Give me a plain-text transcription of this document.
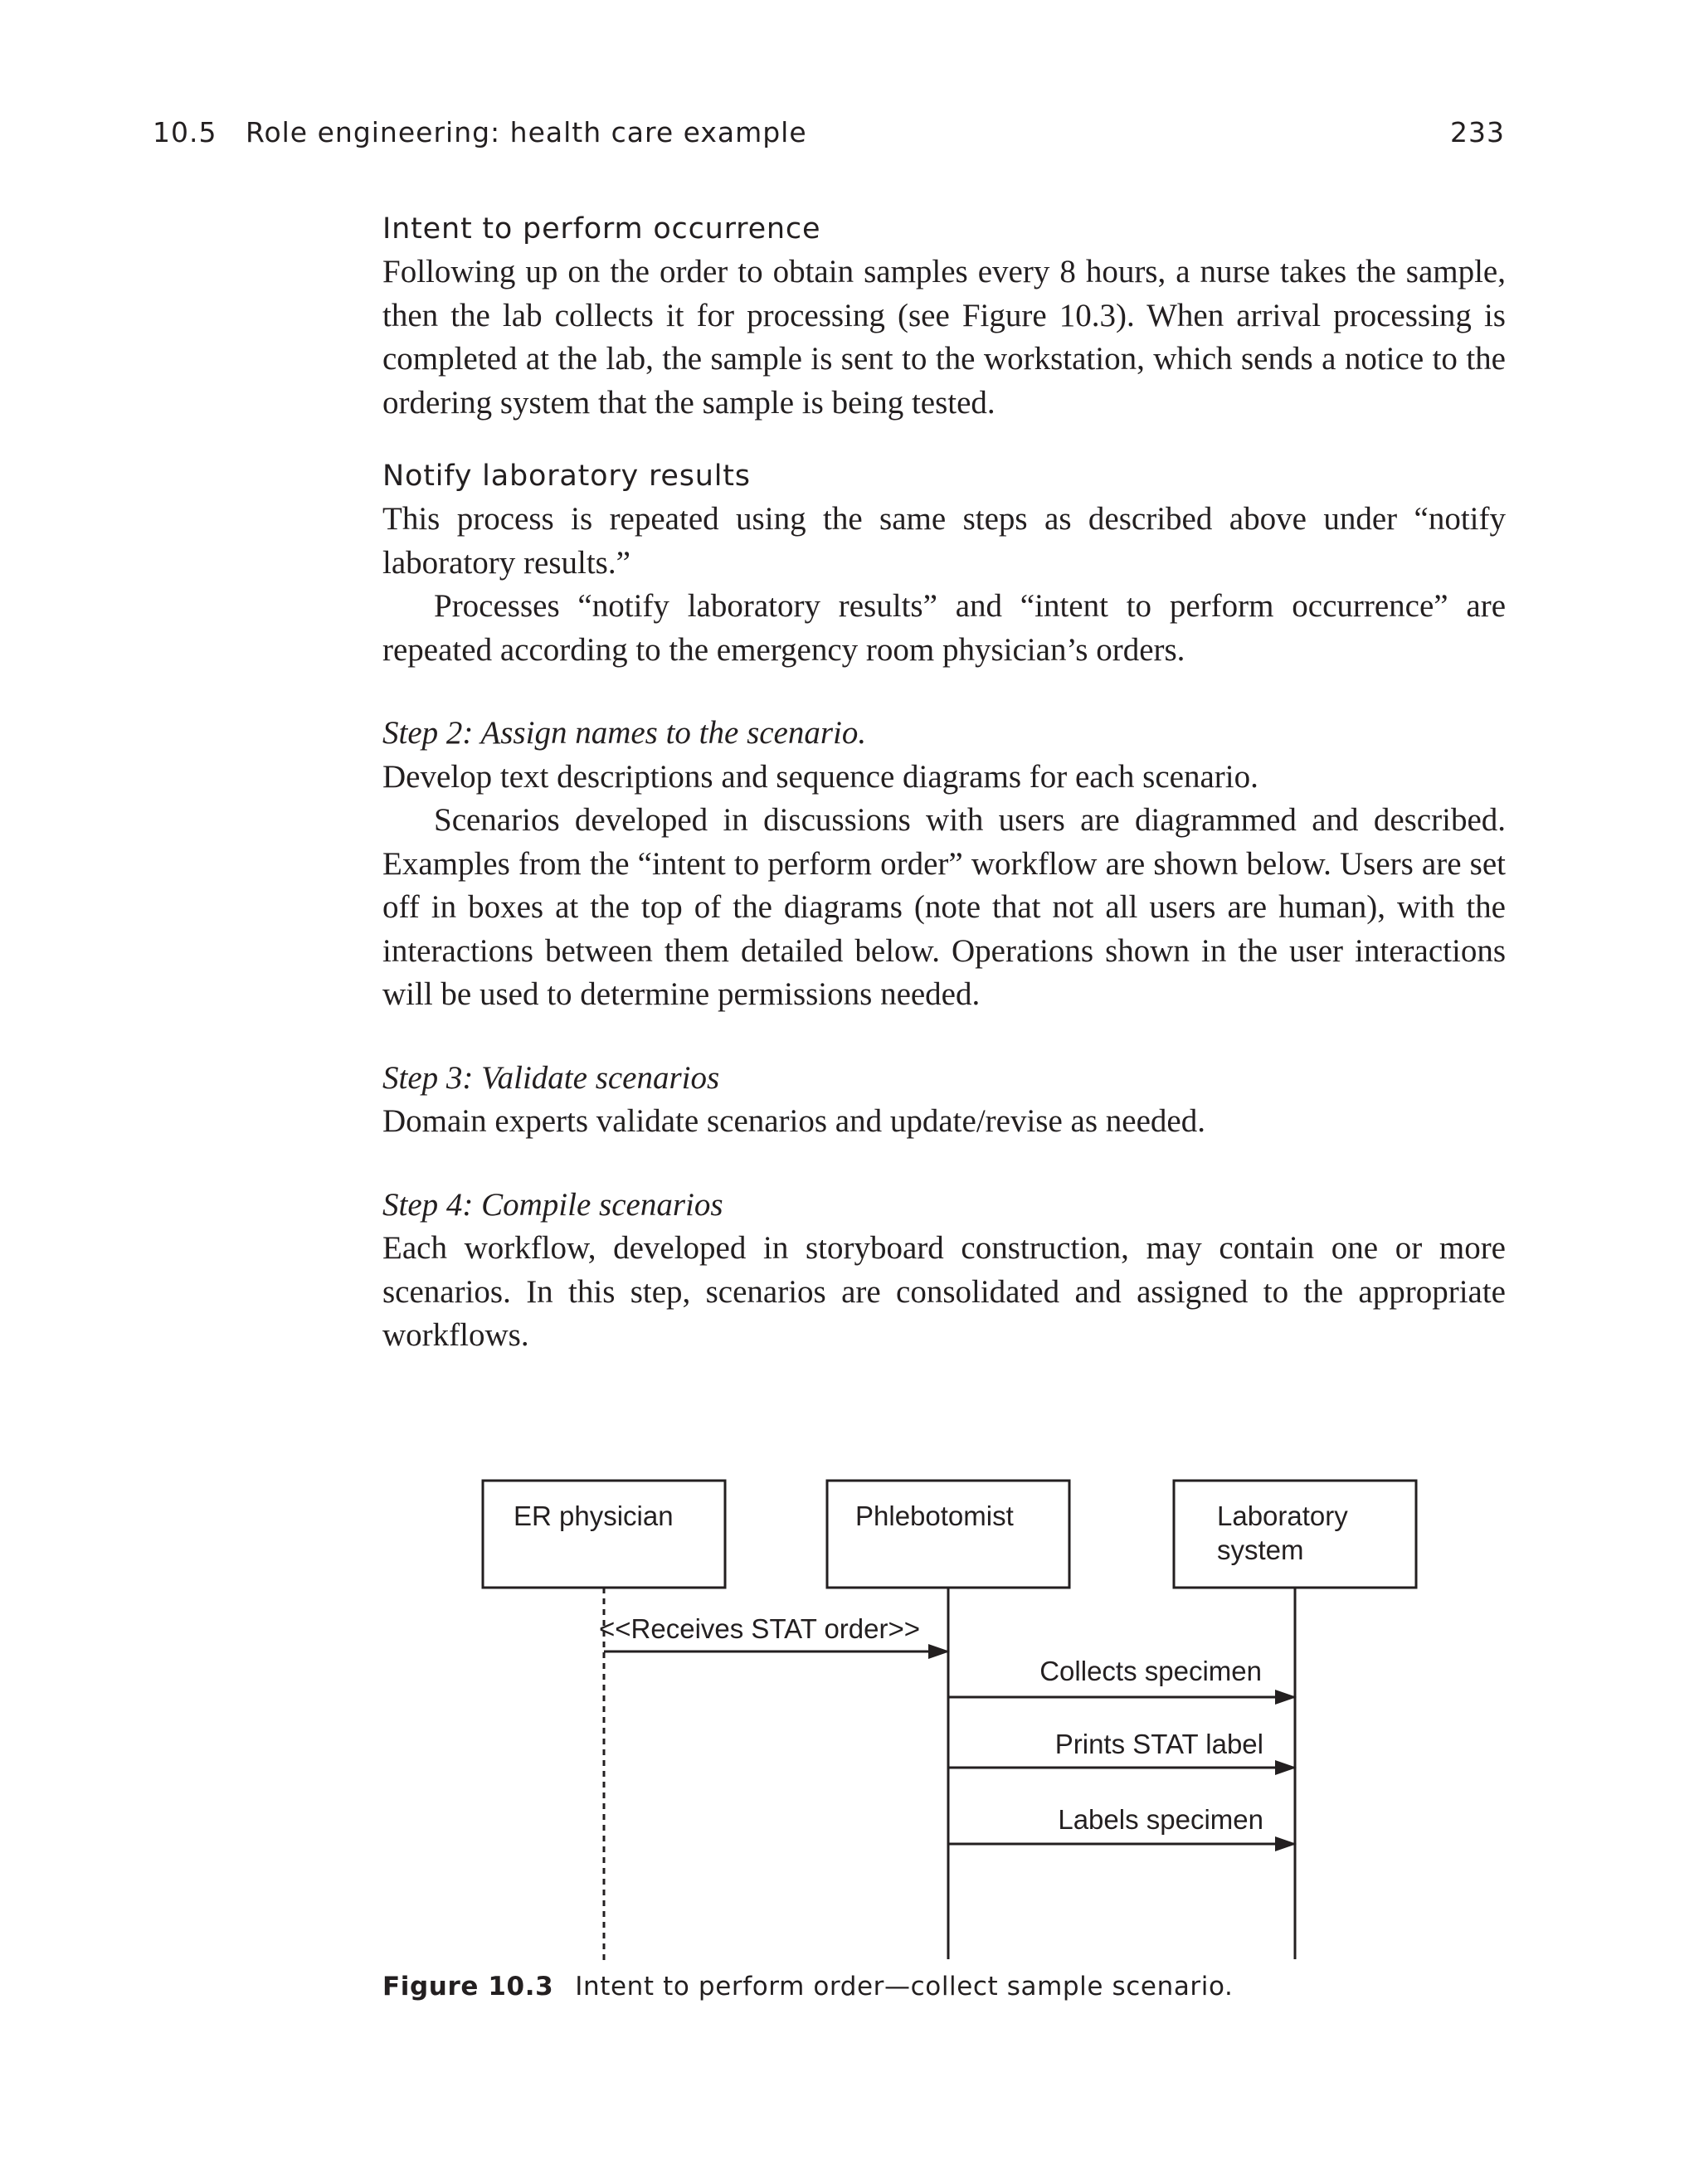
10.5 Role engineering: health care example	233

Intent to perform occurrence

Following up on the order to obtain samples every 8 hours, a nurse takes the sample, then the lab collects it for processing (see Figure 10.3). When arrival processing is completed at the lab, the sample is sent to the workstation, which sends a notice to the ordering system that the sample is being tested.

Notify laboratory results

This process is repeated using the same steps as described above under “notify laboratory results.”

Processes “notify laboratory results” and “intent to perform occurrence” are repeated according to the emergency room physician’s orders.

Step 2: Assign names to the scenario.

Develop text descriptions and sequence diagrams for each scenario.

Scenarios developed in discussions with users are diagrammed and described. Examples from the “intent to perform order” workflow are shown below. Users are set off in boxes at the top of the diagrams (note that not all users are human), with the interactions between them detailed below. Operations shown in the user interactions will be used to determine permissions needed.

Step 3: Validate scenarios

Domain experts validate scenarios and update/revise as needed.

Step 4: Compile scenarios

Each workflow, developed in storyboard construction, may contain one or more scenarios. In this step, scenarios are consolidated and assigned to the appropriate workflows.

ER physician	Phlebotomist	Laboratory
system
<<Receives STAT order>>
Collects specimen
Prints STAT label
Labels specimen
Figure 10.3 Intent to perform order—collect sample scenario.
